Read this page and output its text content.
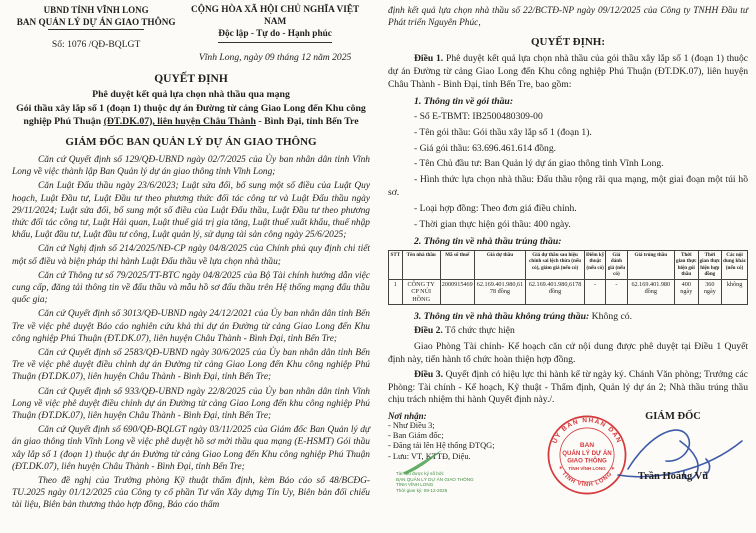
UBND TỈNH VĨNH LONG
BAN QUẢN LÝ DỰ ÁN GIAO THÔNG
Số: 1076 /QĐ-BQLGT
CỘNG HÒA XÃ HỘI CHỦ NGHĨA VIỆT NAM
Độc lập - Tự do - Hạnh phúc
Vĩnh Long, ngày 09 tháng 12 năm 2025
QUYẾT ĐỊNH
Phê duyệt kết quả lựa chọn nhà thầu qua mạng
Gói thầu xây lắp số 1 (đoạn 1) thuộc dự án Đường từ cảng Giao Long đến Khu công nghiệp Phú Thuận (ĐT.DK.07), liên huyện Châu Thành - Bình Đại, tỉnh Bến Tre
GIÁM ĐỐC BAN QUẢN LÝ DỰ ÁN GIAO THÔNG

Căn cứ Quyết định số 129/QĐ-UBND ngày 02/7/2025 của Ủy ban nhân dân tỉnh Vĩnh Long về việc thành lập Ban Quản lý dự án giao thông tỉnh Vĩnh Long;

Căn Luật Đấu thầu ngày 23/6/2023; Luật sửa đổi, bổ sung một số điều của Luật Quy hoạch, Luật Đầu tư, Luật Đầu tư theo phương thức đối tác công tư và Luật Đấu thầu ngày 29/11/2024; Luật sửa đổi, bổ sung một số điều của Luật Đấu thầu, Luật Đầu tư theo phương thức đối tác công tư, Luật Hải quan, Luật thuế giá trị gia tăng, Luật thuế xuất khẩu, thuế nhập khẩu, Luật đầu tư, Luật đầu tư công, Luật quản lý, sử dụng tài sản công ngày 25/6/2025;

Căn cứ Nghị định số 214/2025/NĐ-CP ngày 04/8/2025 của Chính phủ quy định chi tiết một số điều và biện pháp thi hành Luật Đấu thầu về lựa chọn nhà thầu;

Căn cứ Thông tư số 79/2025/TT-BTC ngày 04/8/2025 của Bộ Tài chính hướng dẫn việc cung cấp, đăng tải thông tin về đấu thầu và mẫu hồ sơ đấu thầu trên Hệ thống mạng đấu thầu quốc gia;

Căn cứ Quyết định số 3013/QĐ-UBND ngày 24/12/2021 của Ủy ban nhân dân tỉnh Bến Tre về việc phê duyệt Báo cáo nghiên cứu khả thi dự án Đường từ cảng Giao Long đến Khu công nghiệp Phú Thuận (ĐT.DK.07), liên huyện Châu Thành - Bình Đại, tỉnh Bến Tre;

Căn cứ Quyết định số 2583/QĐ-UBND ngày 30/6/2025 của Ủy ban nhân dân tỉnh Bến Tre về việc phê duyệt điều chỉnh dự án Đường từ cảng Giao Long đến Khu công nghiệp Phú Thuận (ĐT.DK.07), liên huyện Châu Thành - Bình Đại, tỉnh Bến Tre;

Căn cứ Quyết định số 933/QĐ-UBND ngày 22/8/2025 của Ủy ban nhân dân tỉnh Vĩnh Long về việc phê duyệt điều chỉnh dự án Đường từ cảng Giao Long đến khu công nghiệp Phú Thuận (ĐT.DK.07), liên huyện Châu Thành - Bình Đại, tỉnh Bến Tre;

Căn cứ Quyết định số 690/QĐ-BQLGT ngày 03/11/2025 của Giám đốc Ban Quản lý dự án giao thông tỉnh Vĩnh Long về việc phê duyệt hồ sơ mời thầu qua mạng (E-HSMT) Gói thầu xây lắp số 1 (đoạn 1) thuộc dự án Đường từ cảng Giao Long đến Khu công nghiệp Phú Thuận (ĐT.DK.07), liên huyện Châu Thành - Bình Đại, tỉnh Bến Tre;

Theo đề nghị của Trưởng phòng Kỹ thuật thẩm định, kèm Báo cáo số 48/BCĐG-TU.2025 ngày 01/12/2025 của Công ty cổ phần Tư vấn Xây dựng Tín Uy, Biên bản đối chiếu tài liệu, Biên bản thương thảo hợp đồng, Báo cáo thẩm

định kết quả lựa chọn nhà thầu số 22/BCTĐ-NP ngày 09/12/2025 của Công ty TNHH Đầu tư Phát triển Nguyên Phúc,

QUYẾT ĐỊNH:

Điều 1. Phê duyệt kết quả lựa chọn nhà thầu của gói thầu xây lắp số 1 (đoạn 1) thuộc dự án Đường từ cảng Giao Long đến Khu công nghiệp Phú Thuận (ĐT.DK.07), liên huyện Châu Thành - Bình Đại, tỉnh Bến Tre, bao gồm:

1. Thông tin về gói thầu:

- Số E-TBMT: IB2500480309-00

- Tên gói thầu: Gói thầu xây lắp số 1 (đoạn 1).

- Giá gói thầu: 63.696.461.614 đồng.

- Tên Chủ đầu tư: Ban Quản lý dự án giao thông tỉnh Vĩnh Long.

- Hình thức lựa chọn nhà thầu: Đấu thầu rộng rãi qua mạng, một giai đoạn một túi hồ sơ.

- Loại hợp đồng: Theo đơn giá điều chỉnh.

- Thời gian thực hiện gói thầu: 400 ngày.

2. Thông tin về nhà thầu trúng thầu:

STT	Tên nhà thầu	Mã số thuế	Giá dự thầu	Giá dự thầu sau hiệu chỉnh sai lệch thừa (nếu có), giảm giá (nếu có)	Điểm kỹ thuật (nếu có)	Giá đánh giá (nếu có)	Giá trúng thầu	Thời gian thực hiện gói thầu	Thời gian thực hiện hợp đồng	Các nội dung khác (nếu có)
1	CÔNG TY CP NÚI HỒNG	2000915469	62.169.401.980,6178 đồng	62.169.401.980,6178 đồng	-	-	62.169.401.980 đồng	400 ngày	360 ngày	không

3. Thông tin về nhà thầu không trúng thầu: Không có.

Điều 2. Tổ chức thực hiện

Giao Phòng Tài chính- Kế hoạch căn cứ nội dung được phê duyệt tại Điều 1 Quyết định này, tiến hành tổ chức hoàn thiện hợp đồng.

Điều 3. Quyết định có hiệu lực thi hành kể từ ngày ký. Chánh Văn phòng; Trưởng các Phòng: Tài chính - Kế hoạch, Kỹ thuật - Thẩm định, Quản lý dự án 2; Nhà thầu trúng thầu chịu trách nhiệm thi hành Quyết định này./.

Nơi nhận:
- Như Điều 3;
- Ban Giám đốc;
- Đăng tải lên Hệ thống ĐTQG;
- Lưu: VT, KTTĐ, Diệu.
GIÁM ĐỐC
ỦY BAN NHÂN DÂN
✶ TỈNH VĨNH LONG ✶
BAN
QUẢN LÝ DỰ ÁN
GIAO THÔNG
TỈNH VĨNH LONG
Trần Hoàng Vũ
Tài liệu được ký số bởi:
BAN QUẢN LÝ DỰ ÁN GIAO THÔNG
TỈNH VĨNH LONG
Thời gian ký: 09-12-2025
